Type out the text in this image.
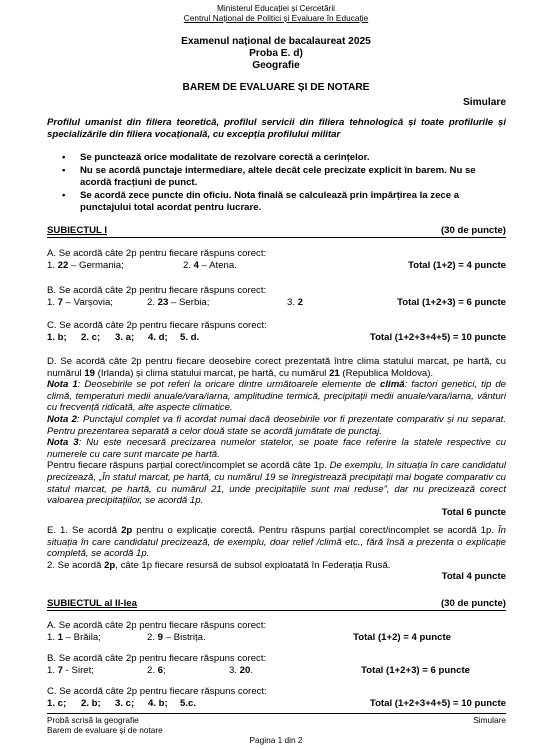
Ministerul Educației și Cercetării
Centrul Național de Politici și Evaluare în Educație
Examenul național de bacalaureat 2025
Proba E. d)
Geografie
BAREM DE EVALUARE ȘI DE NOTARE
Simulare
Profilul umanist din filiera teoretică, profilul servicii din filiera tehnologică și toate profilurile și specializările din filiera vocațională, cu excepția profilului militar
• Se punctează orice modalitate de rezolvare corectă a cerințelor.
• Nu se acordă punctaje intermediare, altele decât cele precizate explicit în barem. Nu se acordă fracțiuni de punct.
• Se acordă zece puncte din oficiu. Nota finală se calculează prin împărțirea la zece a punctajului total acordat pentru lucrare.
SUBIECTUL I	(30 de puncte)
A. Se acordă câte 2p pentru fiecare răspuns corect:
1. 22 – Germania;	2. 4 – Atena.	Total (1+2) = 4 puncte
B. Se acordă câte 2p pentru fiecare răspuns corect:
1. 7 – Varșovia;	2. 23 – Serbia;	3. 2	Total (1+2+3) = 6 puncte
C. Se acordă câte 2p pentru fiecare răspuns corect:
1. b; 2. c; 3. a; 4. d; 5. d.	Total (1+2+3+4+5) = 10 puncte
D. Se acordă câte 2p pentru fiecare deosebire corect prezentată între clima statului marcat, pe hartă, cu numărul 19 (Irlanda) și clima statului marcat, pe hartă, cu numărul 21 (Republica Moldova).
Nota 1: Deosebirile se pot referi la oricare dintre următoarele elemente de climă: factori genetici, tip de climă, temperaturi medii anuale/vara/iarna, amplitudine termică, precipitații medii anuale/vara/iarna, vânturi cu frecvență ridicată, alte aspecte climatice.
Nota 2: Punctajul complet va fi acordat numai dacă deosebirile vor fi prezentate comparativ și nu separat. Pentru prezentarea separată a celor două state se acordă jumătate de punctaj.
Nota 3: Nu este necesară precizarea numelor statelor, se poate face referire la statele respective cu numerele cu care sunt marcate pe hartă.
Pentru fiecare răspuns parțial corect/incomplet se acordă câte 1p. De exemplu, în situația în care candidatul precizează, „În statul marcat, pe hartă, cu numărul 19 se înregistrează precipitații mai bogate comparativ cu statul marcat, pe hartă, cu numărul 21, unde precipitațiile sunt mai reduse”, dar nu precizează corect valoarea precipitațiilor, se acordă 1p.
Total 6 puncte
E. 1. Se acordă 2p pentru o explicație corectă. Pentru răspuns parțial corect/incomplet se acordă 1p. În situația în care candidatul precizează, de exemplu, doar relief /climă etc., fără însă a prezenta o explicație completă, se acordă 1p.
2. Se acordă 2p, câte 1p fiecare resursă de subsol exploatată în Federația Rusă.
Total 4 puncte
SUBIECTUL al II-lea	(30 de puncte)
A. Se acordă câte 2p pentru fiecare răspuns corect:
1. 1 – Brăila;	2. 9 – Bistrița.	Total (1+2) = 4 puncte
B. Se acordă câte 2p pentru fiecare răspuns corect:
1. 7 - Siret;	2. 6;	3. 20.	Total (1+2+3) = 6 puncte
C. Se acordă câte 2p pentru fiecare răspuns corect:
1. c; 2. b; 3. c; 4. b; 5.c.	Total (1+2+3+4+5) = 10 puncte
Probă scrisă la geografie
Barem de evaluare și de notare
Simulare
Pagina 1 din 2
